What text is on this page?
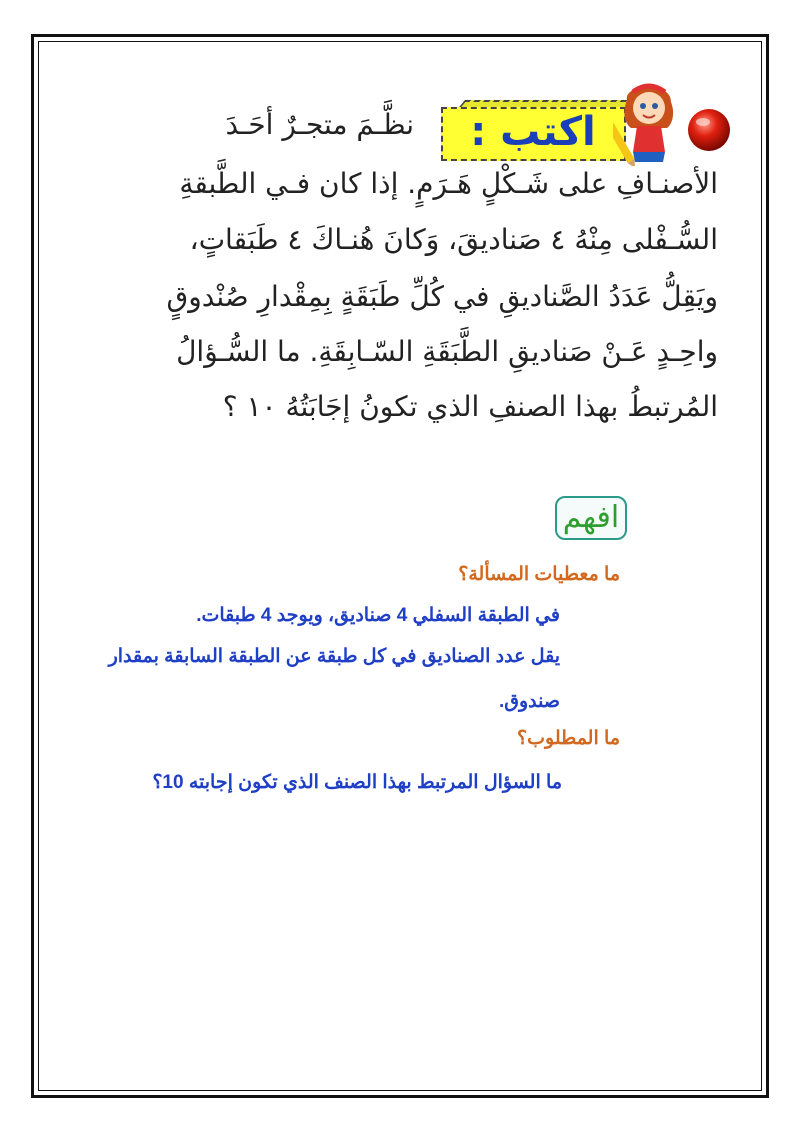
اكتب :
نظَّـمَ متجـرٌ أحَـدَ
الأصنـافِ على شَـكْلٍ هَـرَمٍ. إذا كان فـي الطَّبقةِ
السُّـفْلى مِنْهُ ٤ صَناديقَ، وَكانَ هُنـاكَ ٤ طَبَقاتٍ،
ويَقِلُّ عَدَدُ الصَّناديقِ في كُلِّ طَبَقَةٍ بِمِقْدارِ صُنْدوقٍ
واحِـدٍ عَـنْ صَناديقِ الطَّبَقَةِ السّـابِقَةِ. ما السُّـؤالُ
المُرتبطُ بهذا الصنفِ الذي تكونُ إجَابَتُهُ ١٠ ؟
افهم
ما معطيات المسألة؟
في الطبقة السفلي 4 صناديق، ويوجد 4 طبقات.
يقل عدد الصناديق في كل طبقة عن الطبقة السابقة بمقدار
صندوق.
ما المطلوب؟
ما السؤال المرتبط بهذا الصنف الذي تكون إجابته 10؟
